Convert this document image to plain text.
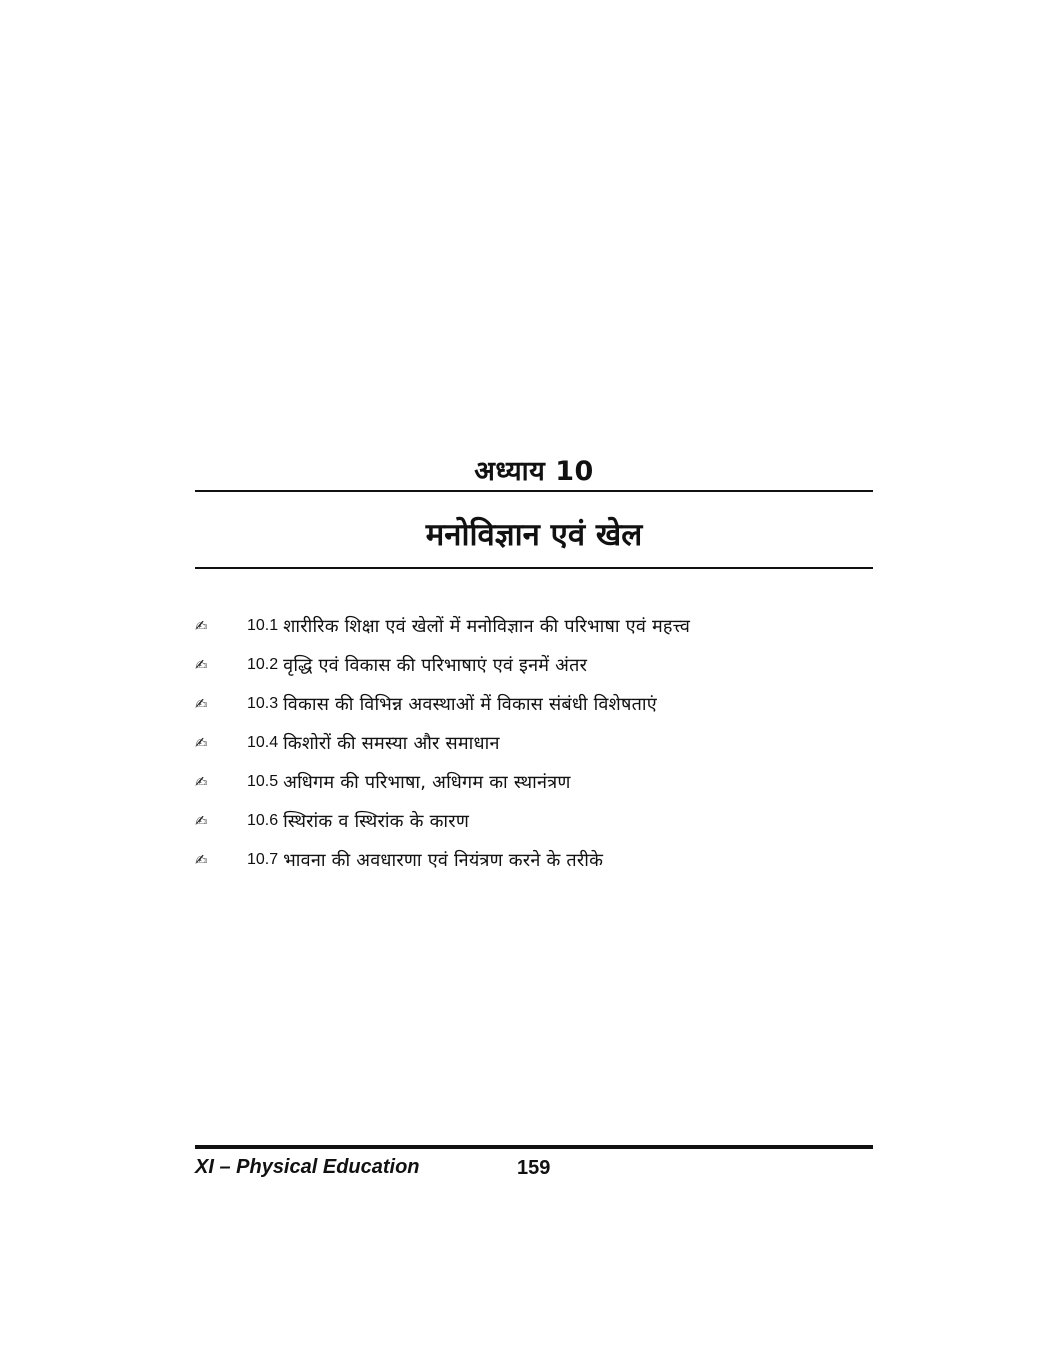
अध्याय 10
मनोविज्ञान एवं खेल
✍	10.1 शारीरिक शिक्षा एवं खेलों में मनोविज्ञान की परिभाषा एवं महत्त्व
✍	10.2 वृद्धि एवं विकास की परिभाषाएं एवं इनमें अंतर
✍	10.3 विकास की विभिन्न अवस्थाओं में विकास संबंधी विशेषताएं
✍	10.4 किशोरों की समस्या और समाधान
✍	10.5 अधिगम की परिभाषा, अधिगम का स्थानंत्रण
✍	10.6 स्थिरांक व स्थिरांक के कारण
✍	10.7 भावना की अवधारणा एवं नियंत्रण करने के तरीके
XI – Physical Education	159
